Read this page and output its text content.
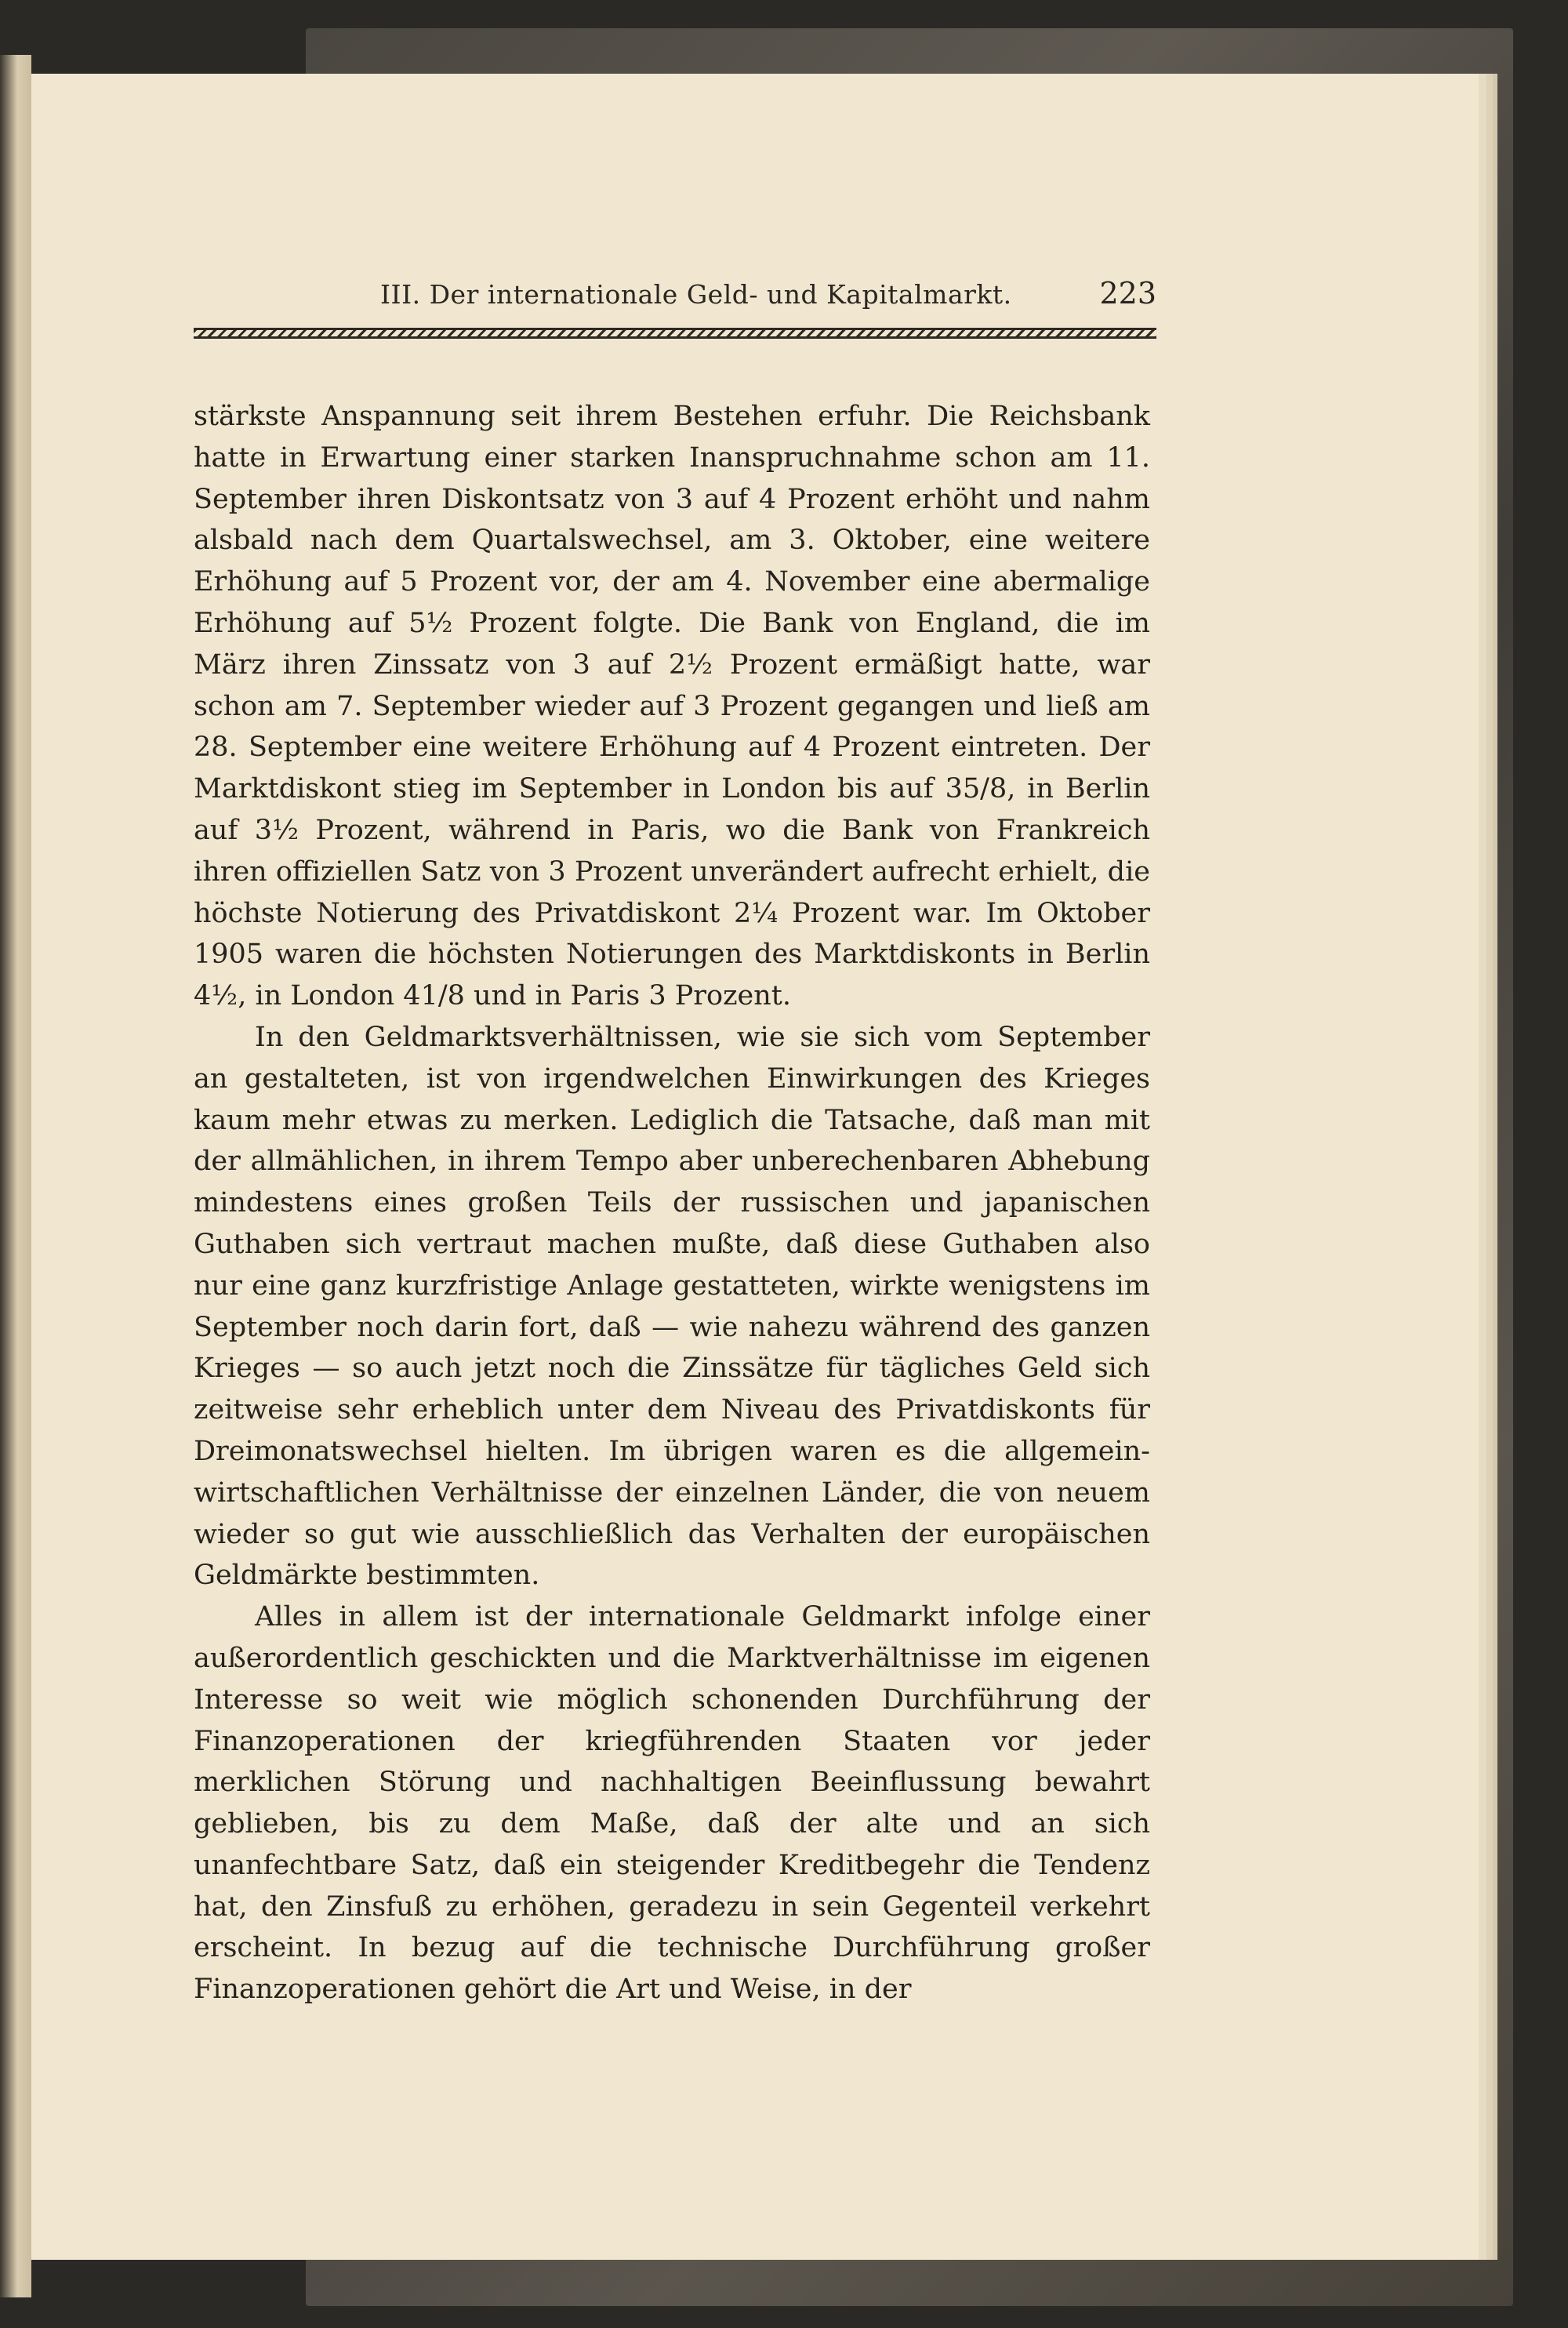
III. Der internationale Geld- und Kapitalmarkt.	223

stärkste Anspannung seit ihrem Bestehen erfuhr. Die Reichsbank hatte in Erwartung einer starken Inanspruchnahme schon am 11. September ihren Diskontsatz von 3 auf 4 Prozent erhöht und nahm alsbald nach dem Quartalswechsel, am 3. Oktober, eine weitere Erhöhung auf 5 Prozent vor, der am 4. November eine abermalige Erhöhung auf 5½ Prozent folgte. Die Bank von England, die im März ihren Zinssatz von 3 auf 2½ Prozent ermäßigt hatte, war schon am 7. September wieder auf 3 Prozent gegangen und ließ am 28. September eine weitere Erhöhung auf 4 Prozent eintreten. Der Marktdiskont stieg im September in London bis auf 35/8, in Berlin auf 3½ Prozent, während in Paris, wo die Bank von Frankreich ihren offiziellen Satz von 3 Prozent unverändert aufrecht erhielt, die höchste Notierung des Privatdiskont 2¼ Prozent war. Im Oktober 1905 waren die höchsten Notierungen des Marktdiskonts in Berlin 4½, in London 41/8 und in Paris 3 Prozent.

In den Geldmarktsverhältnissen, wie sie sich vom September an gestalteten, ist von irgendwelchen Einwirkungen des Krieges kaum mehr etwas zu merken. Lediglich die Tatsache, daß man mit der allmählichen, in ihrem Tempo aber unberechenbaren Abhebung mindestens eines großen Teils der russischen und japanischen Guthaben sich vertraut machen mußte, daß diese Guthaben also nur eine ganz kurzfristige Anlage gestatteten, wirkte wenigstens im September noch darin fort, daß — wie nahezu während des ganzen Krieges — so auch jetzt noch die Zinssätze für tägliches Geld sich zeitweise sehr erheblich unter dem Niveau des Privatdiskonts für Dreimonatswechsel hielten. Im übrigen waren es die allgemein-wirtschaftlichen Verhältnisse der einzelnen Länder, die von neuem wieder so gut wie ausschließlich das Verhalten der europäischen Geldmärkte bestimmten.

Alles in allem ist der internationale Geldmarkt infolge einer außerordentlich geschickten und die Marktverhältnisse im eigenen Interesse so weit wie möglich schonenden Durchführung der Finanzoperationen der kriegführenden Staaten vor jeder merklichen Störung und nachhaltigen Beeinflussung bewahrt geblieben, bis zu dem Maße, daß der alte und an sich unanfechtbare Satz, daß ein steigender Kreditbegehr die Tendenz hat, den Zinsfuß zu erhöhen, geradezu in sein Gegenteil verkehrt erscheint. In bezug auf die technische Durchführung großer Finanzoperationen gehört die Art und Weise, in der
